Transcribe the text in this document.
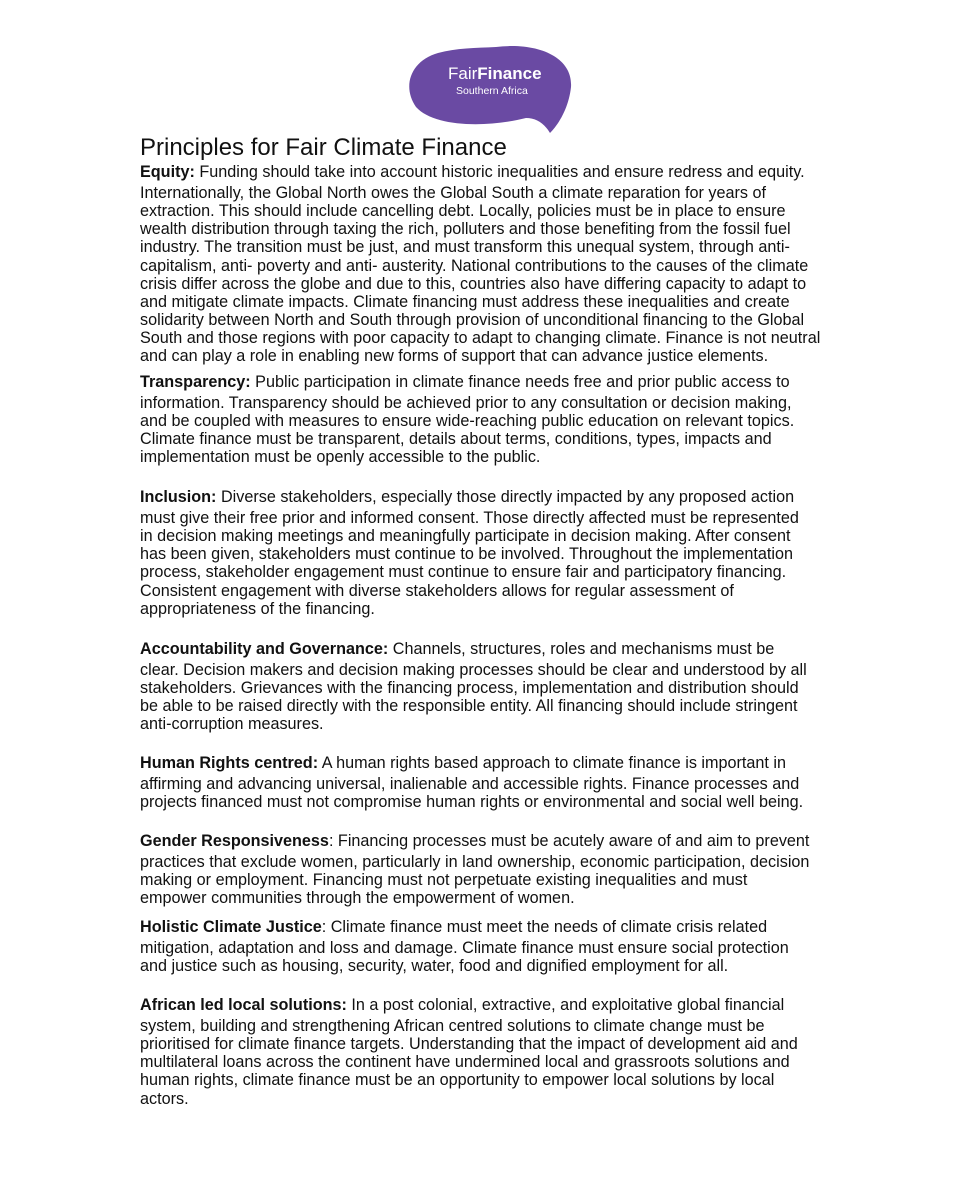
FairFinance
Southern Africa
Principles for Fair Climate Finance
Equity: Funding should take into account historic inequalities and ensure redress and equity.
Internationally, the Global North owes the Global South a climate reparation for years of
extraction. This should include cancelling debt. Locally, policies must be in place to ensure
wealth distribution through taxing the rich, polluters and those benefiting from the fossil fuel
industry. The transition must be just, and must transform this unequal system, through anti-
capitalism, anti- poverty and anti- austerity. National contributions to the causes of the climate
crisis differ across the globe and due to this, countries also have differing capacity to adapt to
and mitigate climate impacts. Climate financing must address these inequalities and create
solidarity between North and South through provision of unconditional financing to the Global
South and those regions with poor capacity to adapt to changing climate. Finance is not neutral
and can play a role in enabling new forms of support that can advance justice elements.
Transparency: Public participation in climate finance needs free and prior public access to
information. Transparency should be achieved prior to any consultation or decision making,
and be coupled with measures to ensure wide-reaching public education on relevant topics.
Climate finance must be transparent, details about terms, conditions, types, impacts and
implementation must be openly accessible to the public.
Inclusion: Diverse stakeholders, especially those directly impacted by any proposed action
must give their free prior and informed consent. Those directly affected must be represented
in decision making meetings and meaningfully participate in decision making. After consent
has been given, stakeholders must continue to be involved. Throughout the implementation
process, stakeholder engagement must continue to ensure fair and participatory financing.
Consistent engagement with diverse stakeholders allows for regular assessment of
appropriateness of the financing.
Accountability and Governance: Channels, structures, roles and mechanisms must be
clear. Decision makers and decision making processes should be clear and understood by all
stakeholders. Grievances with the financing process, implementation and distribution should
be able to be raised directly with the responsible entity. All financing should include stringent
anti-corruption measures.
Human Rights centred: A human rights based approach to climate finance is important in
affirming and advancing universal, inalienable and accessible rights. Finance processes and
projects financed must not compromise human rights or environmental and social well being.
Gender Responsiveness: Financing processes must be acutely aware of and aim to prevent
practices that exclude women, particularly in land ownership, economic participation, decision
making or employment. Financing must not perpetuate existing inequalities and must
empower communities through the empowerment of women.
Holistic Climate Justice: Climate finance must meet the needs of climate crisis related
mitigation, adaptation and loss and damage. Climate finance must ensure social protection
and justice such as housing, security, water, food and dignified employment for all.
African led local solutions: In a post colonial, extractive, and exploitative global financial
system, building and strengthening African centred solutions to climate change must be
prioritised for climate finance targets. Understanding that the impact of development aid and
multilateral loans across the continent have undermined local and grassroots solutions and
human rights, climate finance must be an opportunity to empower local solutions by local
actors.
